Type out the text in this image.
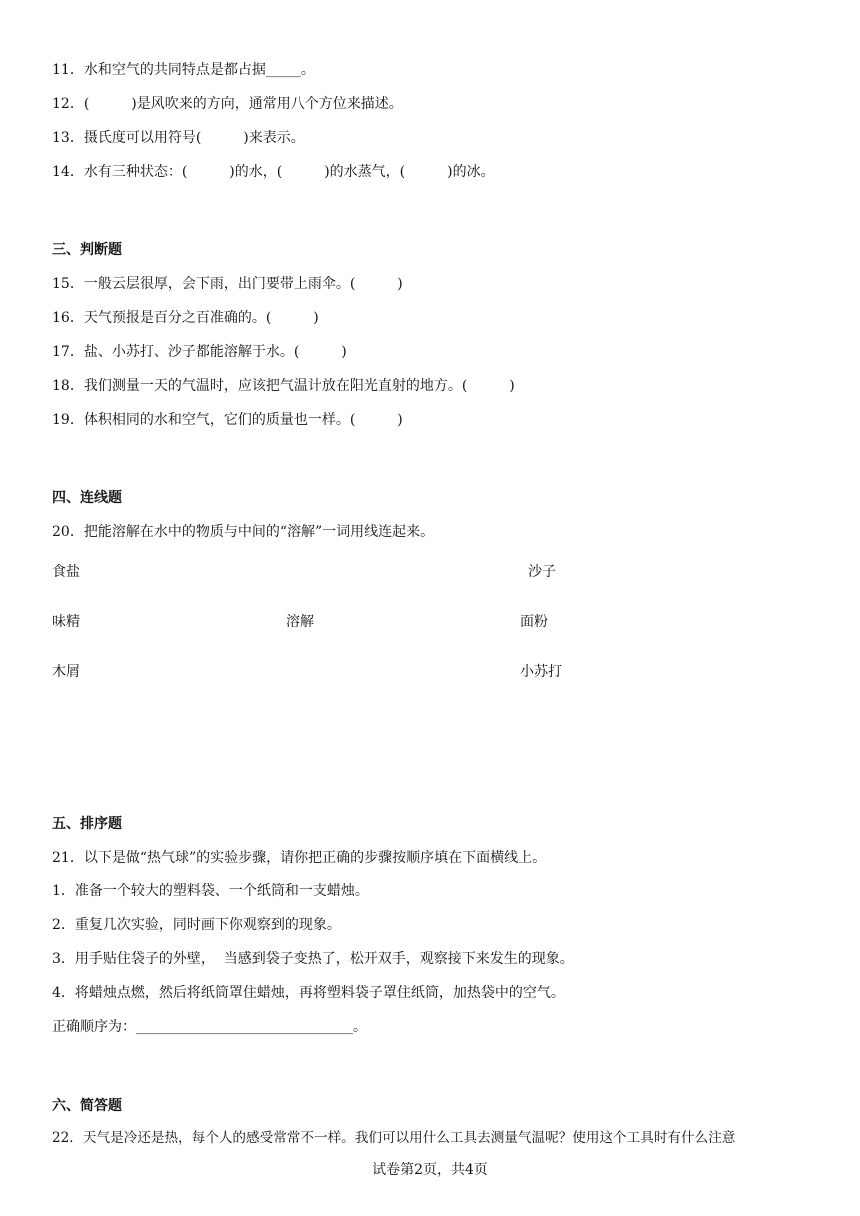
11．水和空气的共同特点是都占据_____。
12．(　　　)是风吹来的方向，通常用八个方位来描述。
13．摄氏度可以用符号(　　　)来表示。
14．水有三种状态：(　　　)的水，(　　　)的水蒸气，(　　　)的冰。
三、判断题
15．一般云层很厚，会下雨，出门要带上雨伞。(　　　)
16．天气预报是百分之百准确的。(　　　)
17．盐、小苏打、沙子都能溶解于水。(　　　)
18．我们测量一天的气温时，应该把气温计放在阳光直射的地方。(　　　)
19．体积相同的水和空气，它们的质量也一样。(　　　)
四、连线题
20．把能溶解在水中的物质与中间的“溶解”一词用线连起来。
食盐
味精
木屑
溶解
沙子
面粉
小苏打
五、排序题
21．以下是做“热气球”的实验步骤，请你把正确的步骤按顺序填在下面横线上。
1．准备一个较大的塑料袋、一个纸筒和一支蜡烛。
2．重复几次实验，同时画下你观察到的现象。
3．用手贴住袋子的外壁，  当感到袋子变热了，松开双手，观察接下来发生的现象。
4．将蜡烛点燃，然后将纸筒罩住蜡烛，再将塑料袋子罩住纸筒，加热袋中的空气。
正确顺序为：_______________________________。
六、简答题
22．天气是冷还是热，每个人的感受常常不一样。我们可以用什么工具去测量气温呢？使用这个工具时有什么注意
试卷第2页，共4页
